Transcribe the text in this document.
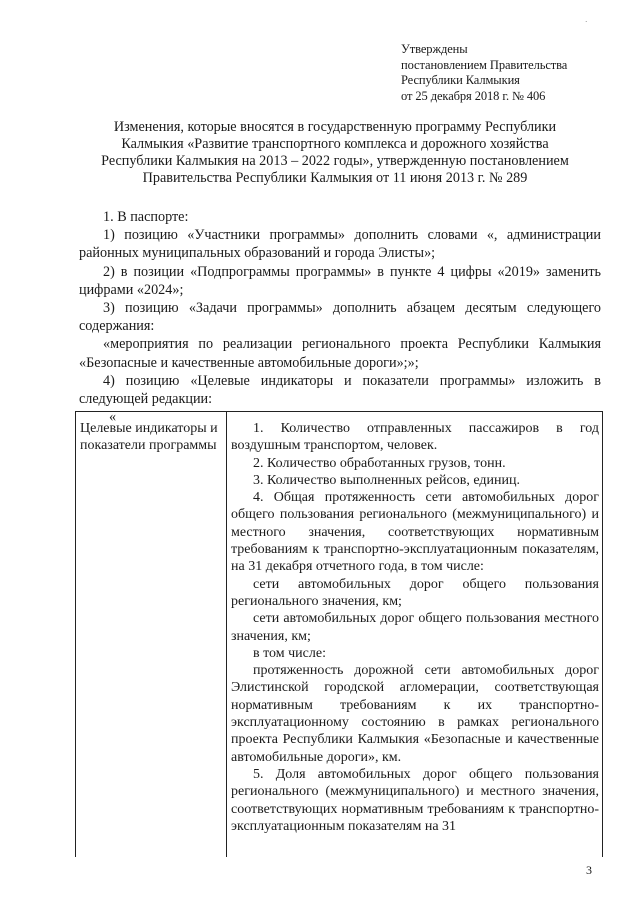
·
Утверждены
постановлением Правительства
Республики Калмыкия
от 25 декабря 2018 г. № 406
Изменения, которые вносятся в государственную программу Республики
Калмыкия «Развитие транспортного комплекса и дорожного хозяйства
Республики Калмыкия на 2013 – 2022 годы», утвержденную постановлением
Правительства Республики Калмыкия от 11 июня 2013 г. № 289
1. В паспорте:
1) позицию «Участники программы» дополнить словами «, администрации районных муниципальных образований и города Элисты»;
2) в позиции «Подпрограммы программы» в пункте 4 цифры «2019» заменить цифрами «2024»;
3) позицию «Задачи программы» дополнить абзацем десятым следующего содержания:
«мероприятия по реализации регионального проекта Республики Калмыкия «Безопасные и качественные автомобильные дороги»;»;
4) позицию «Целевые индикаторы и показатели программы» изложить в следующей редакции:
«
Целевые индикаторы и
показатели программы
1. Количество отправленных пассажиров в год воздушным транспортом, человек.
2. Количество обработанных грузов, тонн.
3. Количество выполненных рейсов, единиц.
4. Общая протяженность сети автомобильных дорог общего пользования регионального (межмуниципального) и местного значения, соответствующих нормативным требованиям к транспортно-эксплуатационным показателям, на 31 декабря отчетного года, в том числе:
сети автомобильных дорог общего пользования регионального значения, км;
сети автомобильных дорог общего пользования местного значения, км;
в том числе:
протяженность дорожной сети автомобильных дорог Элистинской городской агломерации, соответствующая нормативным требованиям к их транспортно-эксплуатационному состоянию в рамках регионального проекта Республики Калмыкия «Безопасные и качественные автомобильные дороги», км.
5. Доля автомобильных дорог общего пользования регионального (межмуниципального) и местного значения, соответствующих нормативным требованиям к транспортно-эксплуатационным показателям на 31
3
